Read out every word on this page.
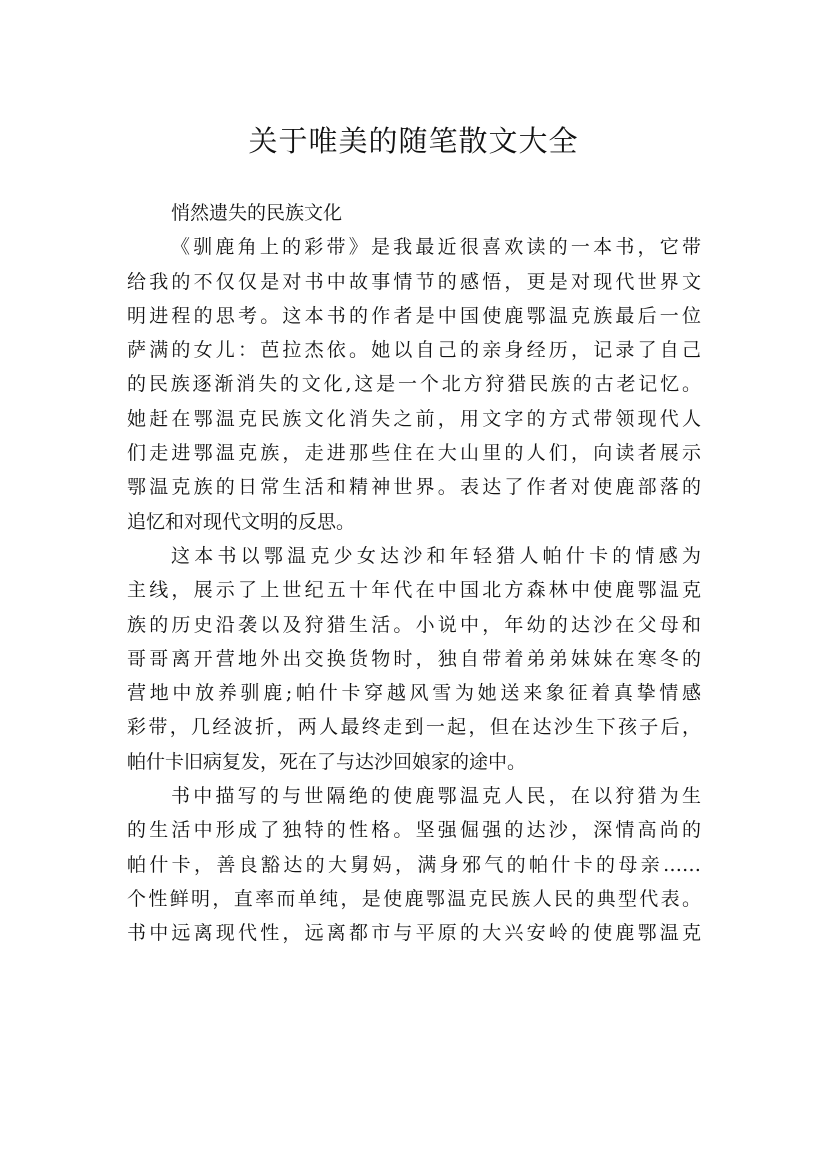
关于唯美的随笔散文大全
悄然遗失的民族文化
《驯鹿角上的彩带》是我最近很喜欢读的一本书，它带
给我的不仅仅是对书中故事情节的感悟，更是对现代世界文
明进程的思考。这本书的作者是中国使鹿鄂温克族最后一位
萨满的女儿：芭拉杰依。她以自己的亲身经历，记录了自己
的民族逐渐消失的文化,这是一个北方狩猎民族的古老记忆。
她赶在鄂温克民族文化消失之前，用文字的方式带领现代人
们走进鄂温克族，走进那些住在大山里的人们，向读者展示
鄂温克族的日常生活和精神世界。表达了作者对使鹿部落的
追忆和对现代文明的反思。
这本书以鄂温克少女达沙和年轻猎人帕什卡的情感为
主线，展示了上世纪五十年代在中国北方森林中使鹿鄂温克
族的历史沿袭以及狩猎生活。小说中，年幼的达沙在父母和
哥哥离开营地外出交换货物时，独自带着弟弟妹妹在寒冬的
营地中放养驯鹿;帕什卡穿越风雪为她送来象征着真挚情感
彩带，几经波折，两人最终走到一起，但在达沙生下孩子后，
帕什卡旧病复发，死在了与达沙回娘家的途中。
书中描写的与世隔绝的使鹿鄂温克人民，在以狩猎为生
的生活中形成了独特的性格。坚强倔强的达沙，深情高尚的
帕什卡，善良豁达的大舅妈，满身邪气的帕什卡的母亲……
个性鲜明，直率而单纯，是使鹿鄂温克民族人民的典型代表。
书中远离现代性，远离都市与平原的大兴安岭的使鹿鄂温克
